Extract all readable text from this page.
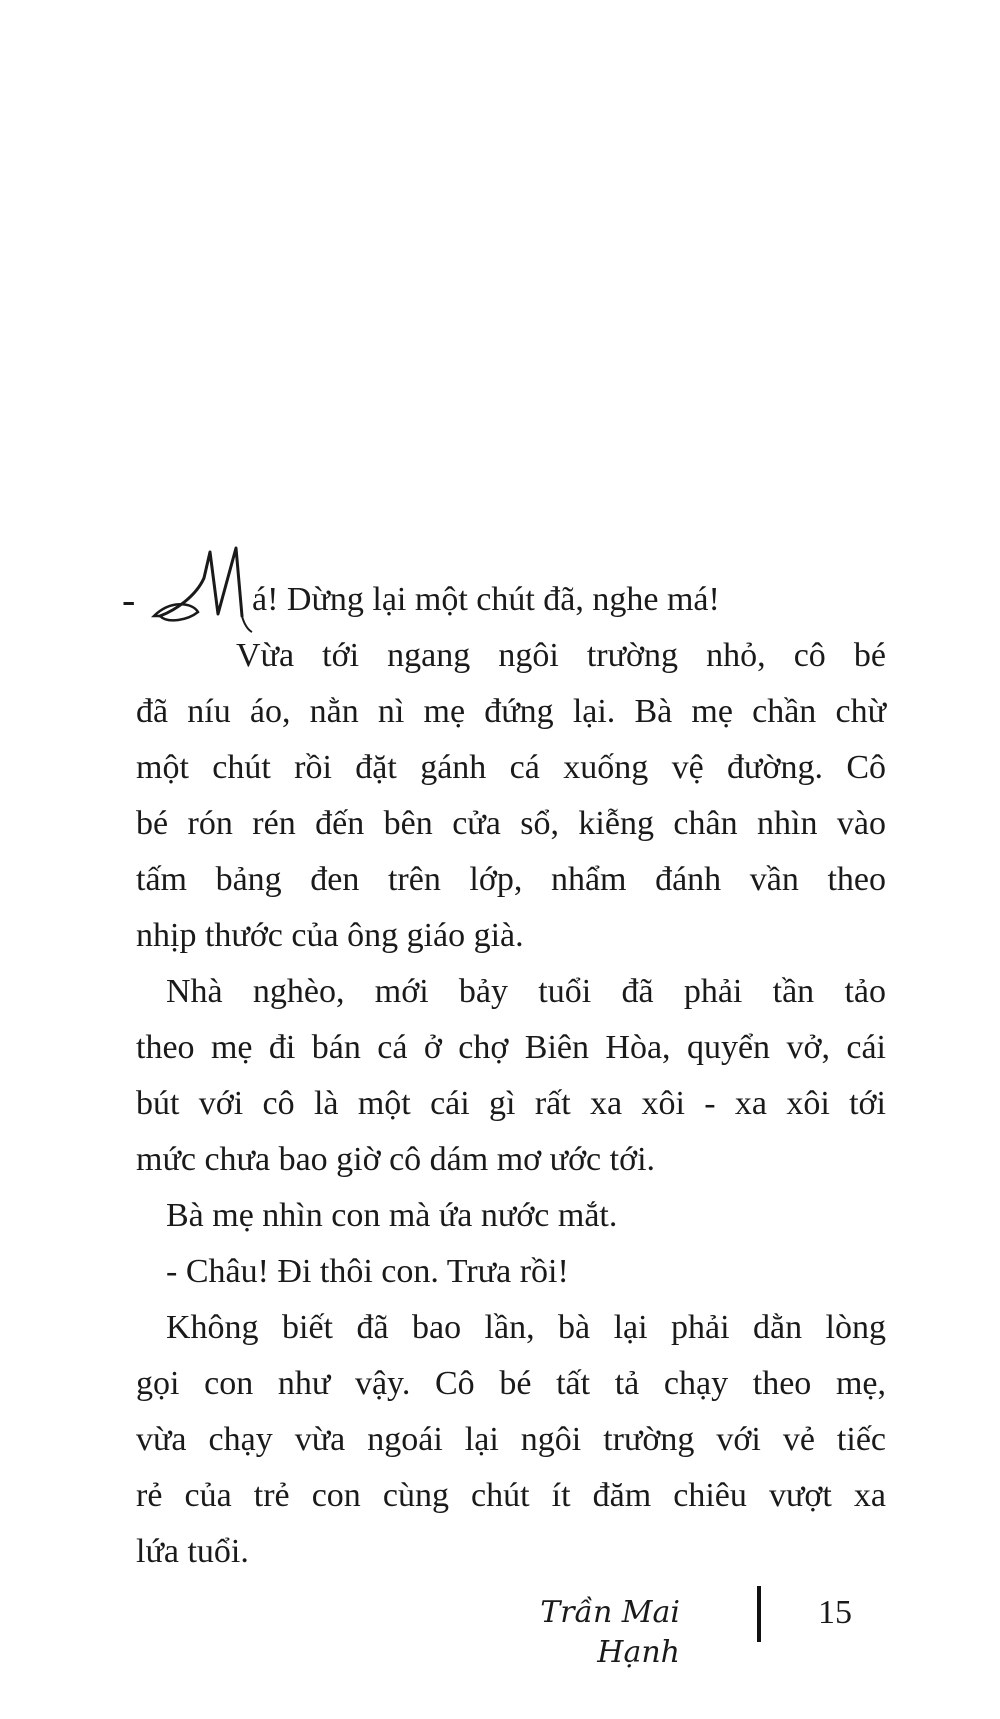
-	á! Dừng lại một chút đã, nghe má!
Vừa tới ngang ngôi trường nhỏ, cô bé
đã níu áo, nằn nì mẹ đứng lại. Bà mẹ chần chừ
một chút rồi đặt gánh cá xuống vệ đường. Cô
bé rón rén đến bên cửa sổ, kiễng chân nhìn vào
tấm bảng đen trên lớp, nhẩm đánh vần theo
nhịp thước của ông giáo già.
Nhà nghèo, mới bảy tuổi đã phải tần tảo
theo mẹ đi bán cá ở chợ Biên Hòa, quyển vở, cái
bút với cô là một cái gì rất xa xôi - xa xôi tới
mức chưa bao giờ cô dám mơ ước tới.
Bà mẹ nhìn con mà ứa nước mắt.
- Châu! Đi thôi con. Trưa rồi!
Không biết đã bao lần, bà lại phải dằn lòng
gọi con như vậy. Cô bé tất tả chạy theo mẹ,
vừa chạy vừa ngoái lại ngôi trường với vẻ tiếc
rẻ của trẻ con cùng chút ít đăm chiêu vượt xa
lứa tuổi.
Trần Mai Hạnh
15
